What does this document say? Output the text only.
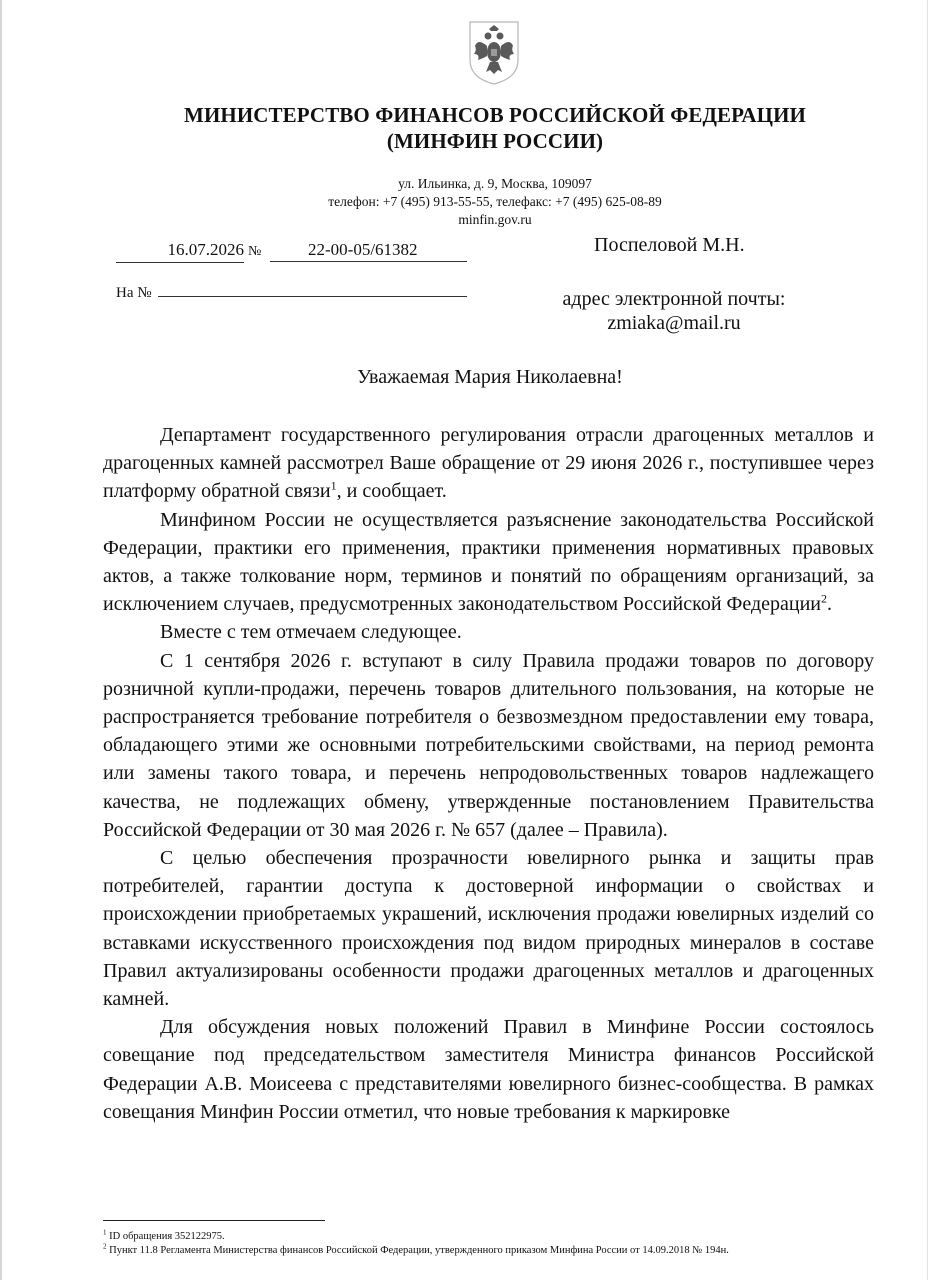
МИНИСТЕРСТВО ФИНАНСОВ РОССИЙСКОЙ ФЕДЕРАЦИИ
(МИНФИН РОССИИ)
ул. Ильинка, д. 9, Москва, 109097
телефон: +7 (495) 913-55-55, телефакс: +7 (495) 625-08-89
minfin.gov.ru
16.07.2026 №	22-00-05/61382
На №
Поспеловой М.Н.
адрес электронной почты:
zmiaka@mail.ru
Уважаемая Мария Николаевна!

Департамент государственного регулирования отрасли драгоценных металлов и драгоценных камней рассмотрел Ваше обращение от 29 июня 2026 г., поступившее через платформу обратной связи$^1$, и сообщает.

Минфином России не осуществляется разъяснение законодательства Российской Федерации, практики его применения, практики применения нормативных правовых актов, а также толкование норм, терминов и понятий по обращениям организаций, за исключением случаев, предусмотренных законодательством Российской Федерации$^2$.

Вместе с тем отмечаем следующее.

С 1 сентября 2026 г. вступают в силу Правила продажи товаров по договору розничной купли-продажи, перечень товаров длительного пользования, на которые не распространяется требование потребителя о безвозмездном предоставлении ему товара, обладающего этими же основными потребительскими свойствами, на период ремонта или замены такого товара, и перечень непродовольственных товаров надлежащего качества, не подлежащих обмену, утвержденные постановлением Правительства Российской Федерации от 30 мая 2026 г. № 657 (далее – Правила).

С целью обеспечения прозрачности ювелирного рынка и защиты прав потребителей, гарантии доступа к достоверной информации о свойствах и происхождении приобретаемых украшений, исключения продажи ювелирных изделий со вставками искусственного происхождения под видом природных минералов в составе Правил актуализированы особенности продажи драгоценных металлов и драгоценных камней.

Для обсуждения новых положений Правил в Минфине России состоялось совещание под председательством заместителя Министра финансов Российской Федерации А.В. Моисеева с представителями ювелирного бизнес-сообщества. В рамках совещания Минфин России отметил, что новые требования к маркировке

$^1$ ID обращения 352122975.
$^2$ Пункт 11.8 Регламента Министерства финансов Российской Федерации, утвержденного приказом Минфина России от 14.09.2018 № 194н.
